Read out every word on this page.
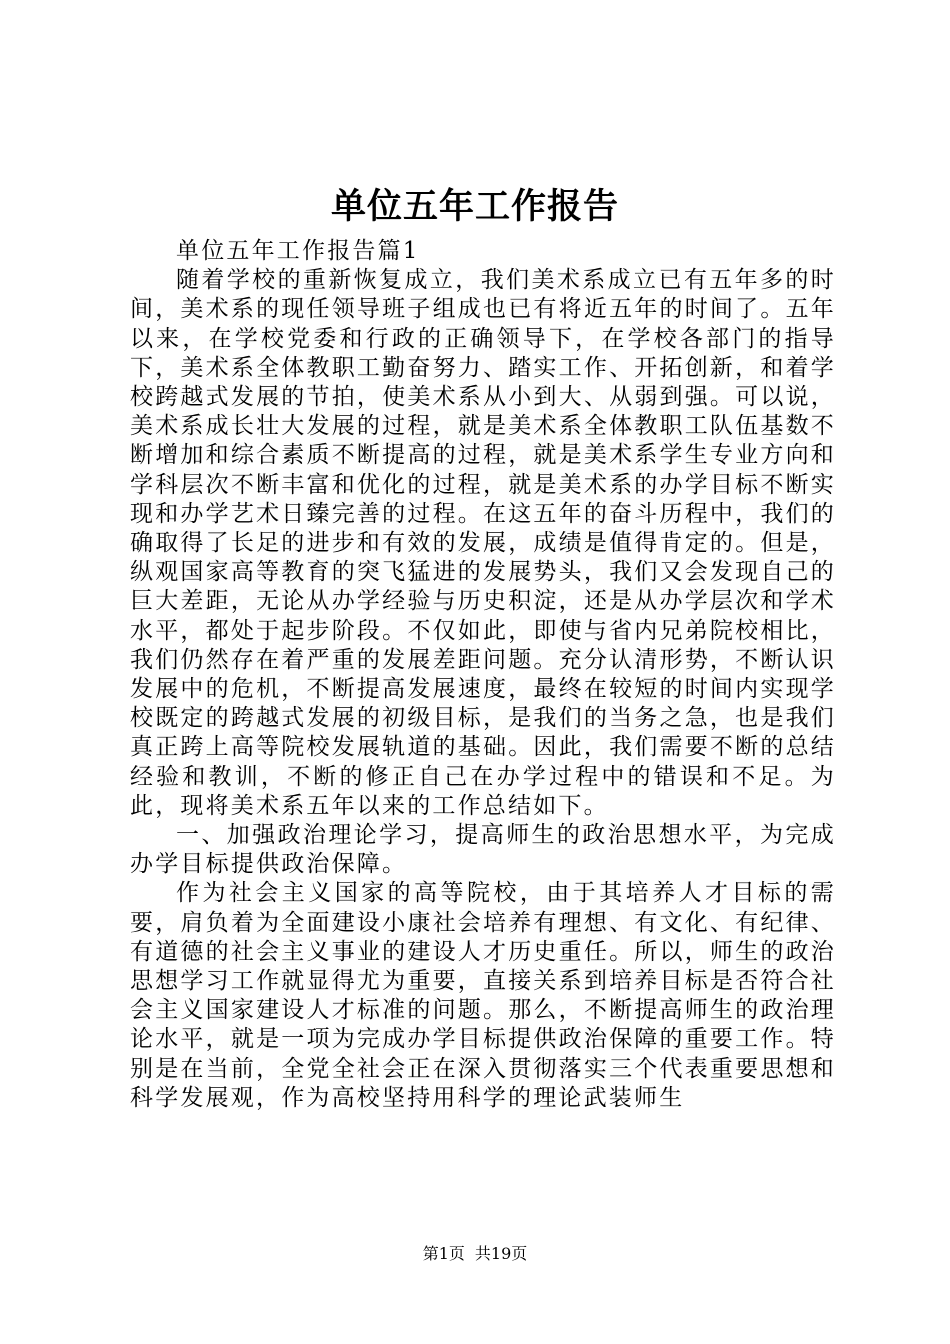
单位五年工作报告

单位五年工作报告篇1

随着学校的重新恢复成立，我们美术系成立已有五年多的时间，美术系的现任领导班子组成也已有将近五年的时间了。五年以来，在学校党委和行政的正确领导下，在学校各部门的指导下，美术系全体教职工勤奋努力、踏实工作、开拓创新，和着学校跨越式发展的节拍，使美术系从小到大、从弱到强。可以说，美术系成长壮大发展的过程，就是美术系全体教职工队伍基数不断增加和综合素质不断提高的过程，就是美术系学生专业方向和学科层次不断丰富和优化的过程，就是美术系的办学目标不断实现和办学艺术日臻完善的过程。在这五年的奋斗历程中，我们的确取得了长足的进步和有效的发展，成绩是值得肯定的。但是，纵观国家高等教育的突飞猛进的发展势头，我们又会发现自己的巨大差距，无论从办学经验与历史积淀，还是从办学层次和学术水平，都处于起步阶段。不仅如此，即使与省内兄弟院校相比，我们仍然存在着严重的发展差距问题。充分认清形势，不断认识发展中的危机，不断提高发展速度，最终在较短的时间内实现学校既定的跨越式发展的初级目标，是我们的当务之急，也是我们真正跨上高等院校发展轨道的基础。因此，我们需要不断的总结经验和教训，不断的修正自己在办学过程中的错误和不足。为此，现将美术系五年以来的工作总结如下。

一、加强政治理论学习，提高师生的政治思想水平，为完成办学目标提供政治保障。

作为社会主义国家的高等院校，由于其培养人才目标的需要，肩负着为全面建设小康社会培养有理想、有文化、有纪律、有道德的社会主义事业的建设人才历史重任。所以，师生的政治思想学习工作就显得尤为重要，直接关系到培养目标是否符合社会主义国家建设人才标准的问题。那么，不断提高师生的政治理论水平，就是一项为完成办学目标提供政治保障的重要工作。特别是在当前，全党全社会正在深入贯彻落实三个代表重要思想和科学发展观，作为高校坚持用科学的理论武装师生

第1页 共19页
